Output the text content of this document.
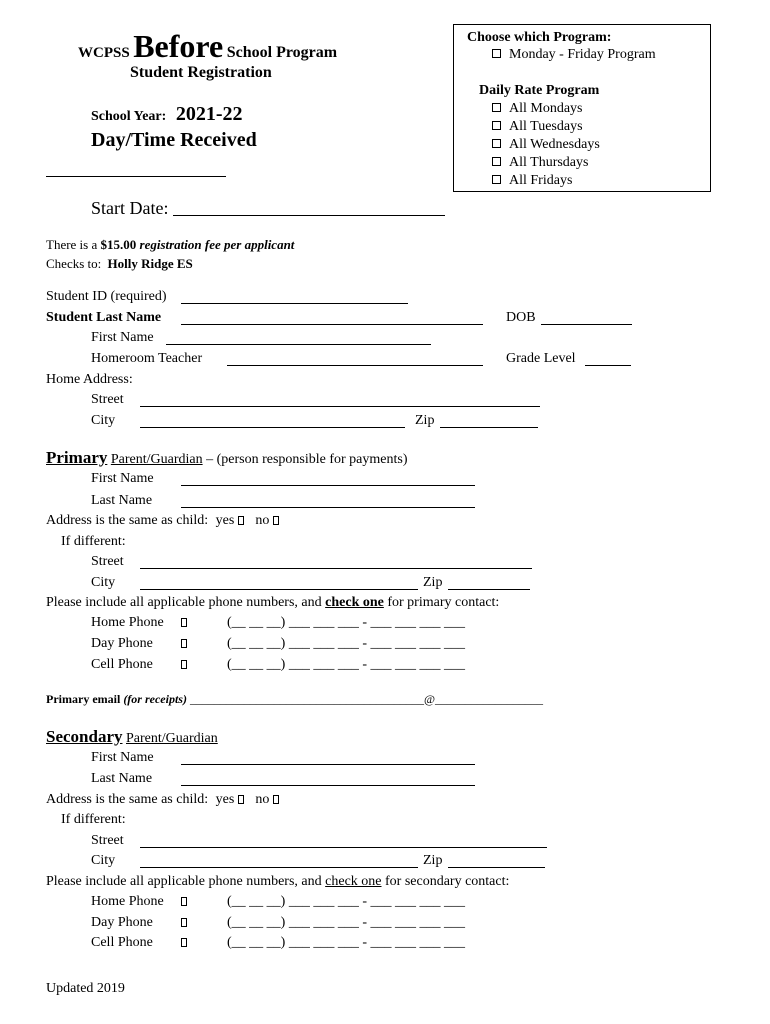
WCPSS Before School Program
Student Registration
School Year: 2021-22
Day/Time Received
Start Date:
Choose which Program:
Monday - Friday Program
Daily Rate Program
All Mondays
All Tuesdays
All Wednesdays
All Thursdays
All Fridays
There is a $15.00 registration fee per applicant
Checks to: Holly Ridge ES
Student ID (required)
Student Last Name	DOB
First Name
Homeroom Teacher	Grade Level
Home Address:
Street
City	Zip
Primary Parent/Guardian – (person responsible for payments)
First Name
Last Name
Address is the same as child: yes no
If different:
Street
City	Zip
Please include all applicable phone numbers, and check one for primary contact:
Home Phone	(__ __ __) ___ ___ ___ - ___ ___ ___ ___
Day Phone	(__ __ __) ___ ___ ___ - ___ ___ ___ ___
Cell Phone	(__ __ __) ___ ___ ___ - ___ ___ ___ ___
Primary email (for receipts) _______________________________________@__________________
Secondary Parent/Guardian
First Name
Last Name
Address is the same as child: yes no
If different:
Street
City	Zip
Please include all applicable phone numbers, and check one for secondary contact:
Home Phone	(__ __ __) ___ ___ ___ - ___ ___ ___ ___
Day Phone	(__ __ __) ___ ___ ___ - ___ ___ ___ ___
Cell Phone	(__ __ __) ___ ___ ___ - ___ ___ ___ ___
Updated 2019
